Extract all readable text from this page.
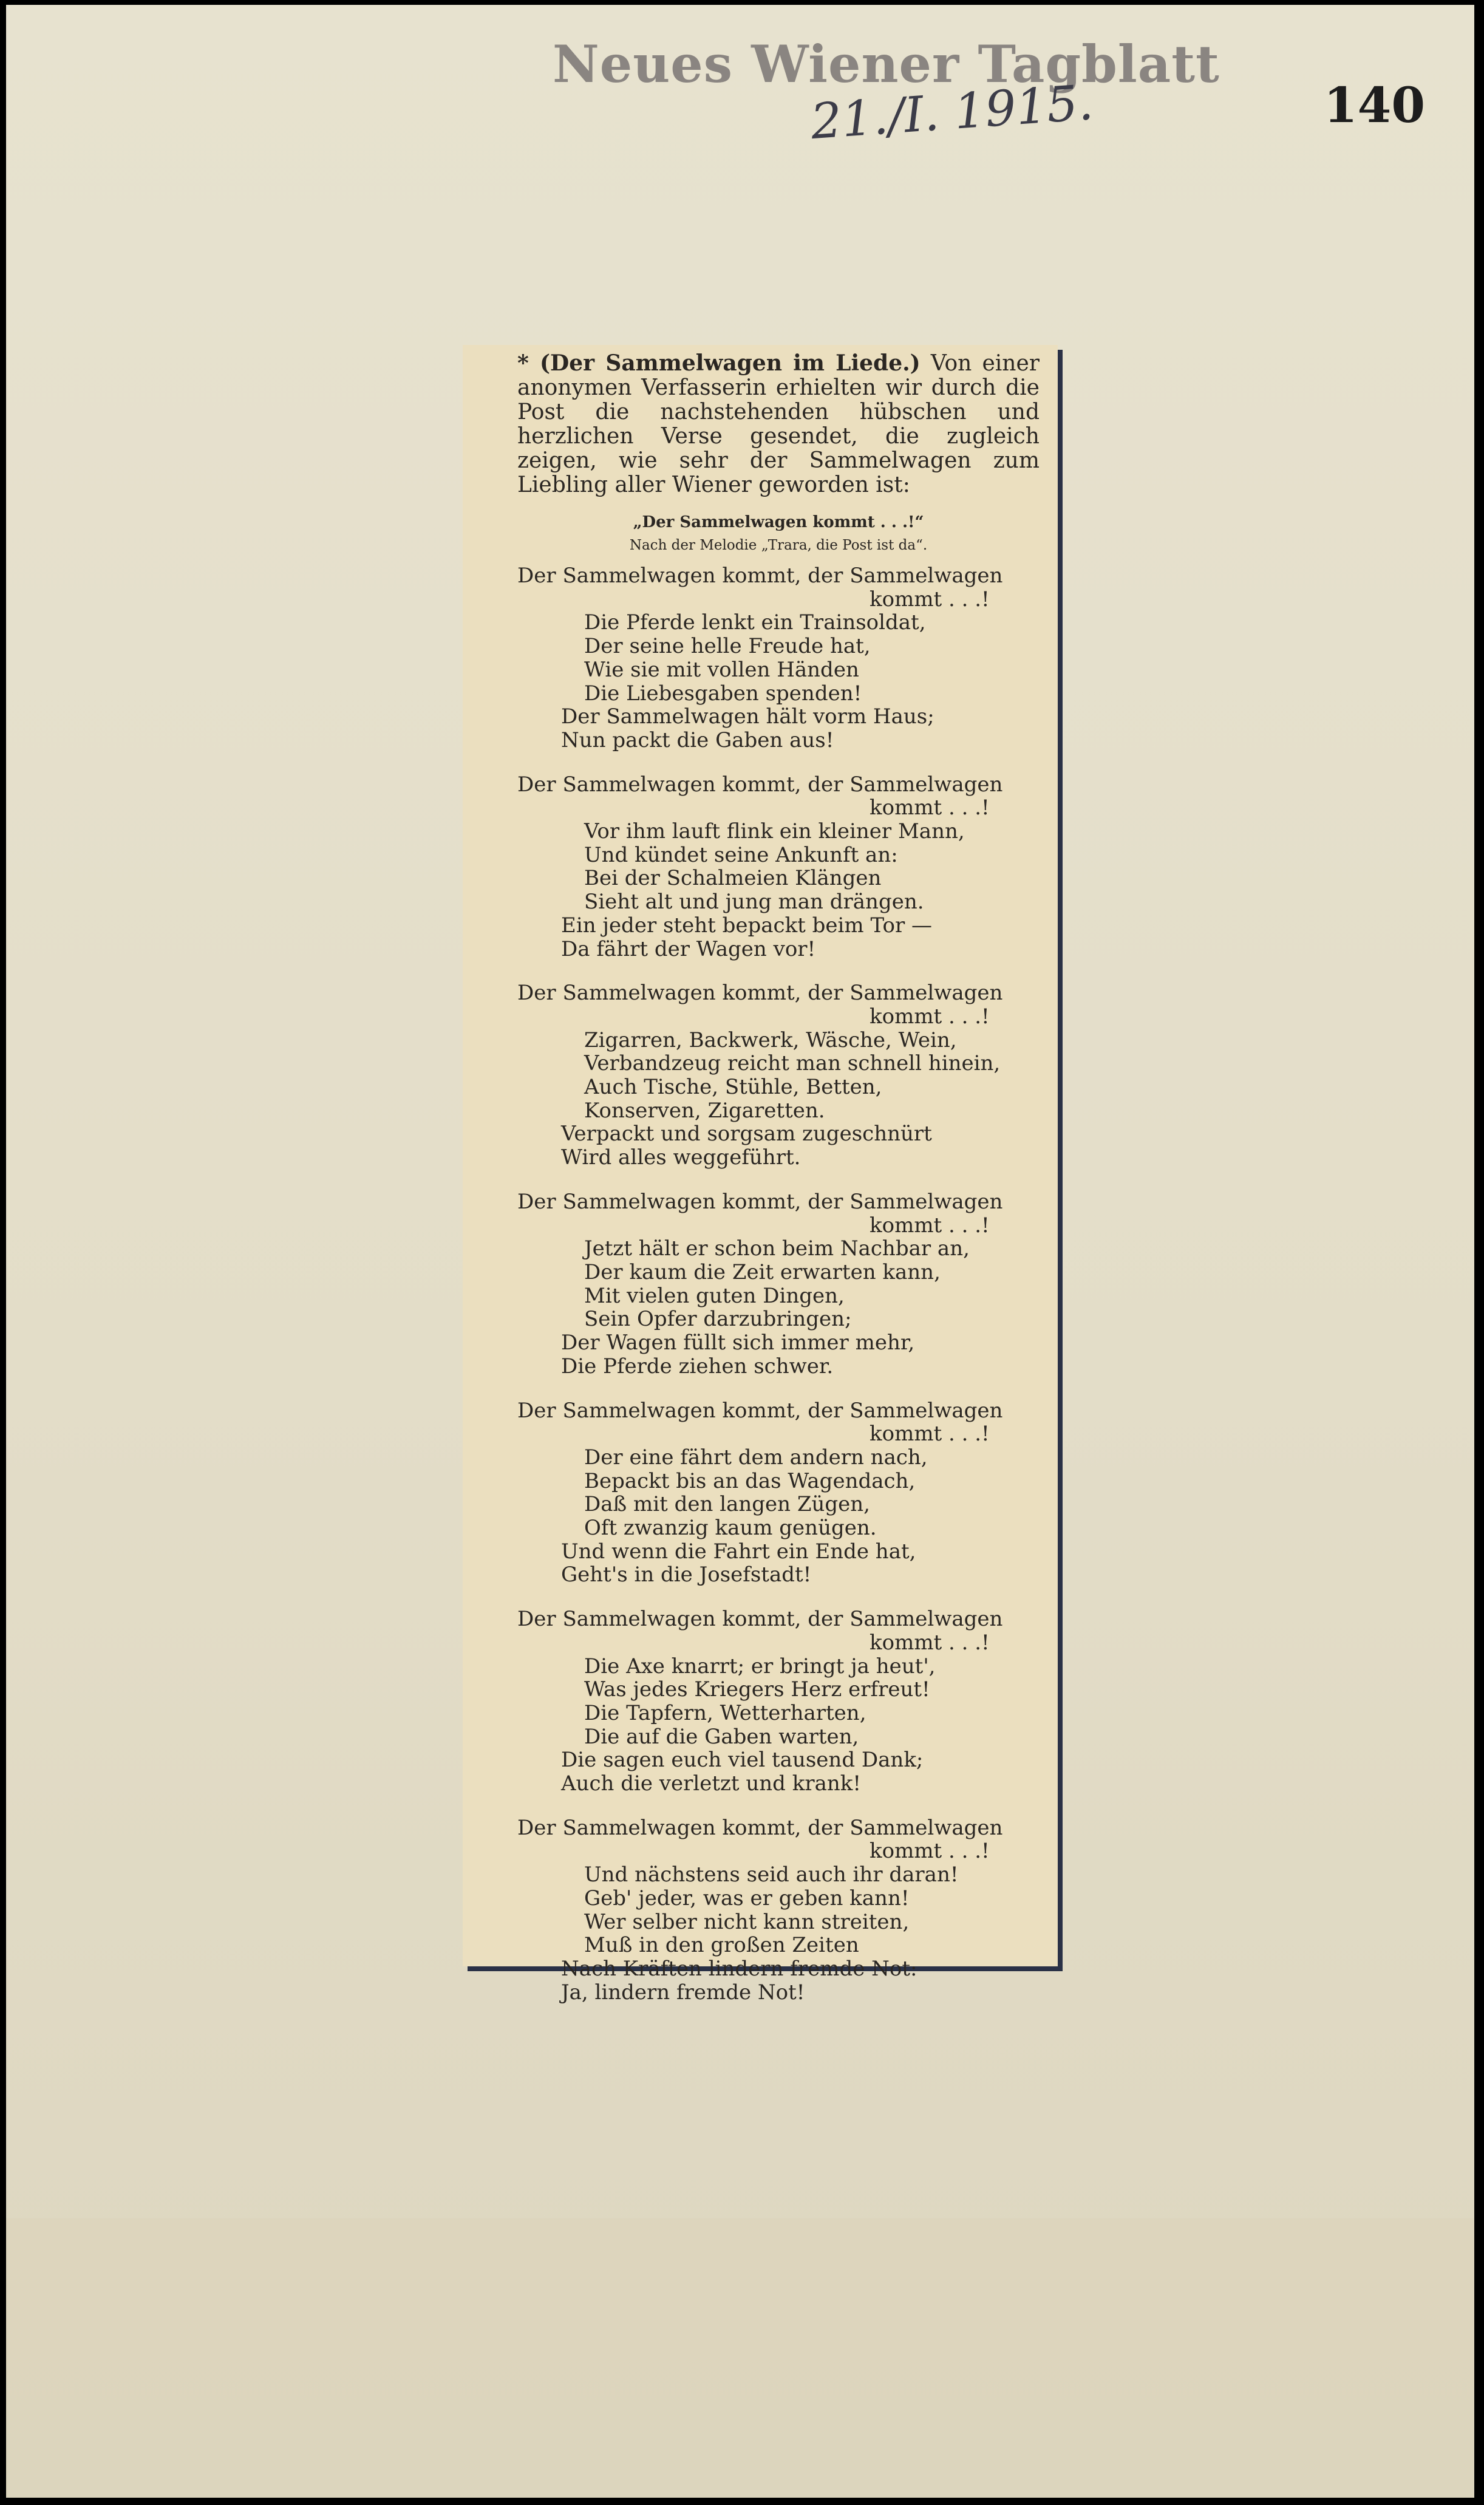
Neues Wiener Tagblatt
21./I. 1915.	140

* (Der Sammelwagen im Liede.) Von einer anonymen Verfasserin erhielten wir durch die Post die nachstehenden hübschen und herzlichen Verse gesendet, die zugleich zeigen, wie sehr der Sammelwagen zum Liebling aller Wiener geworden ist:

„Der Sammelwagen kommt . . .!“
Nach der Melodie „Trara, die Post ist da“.
Der Sammelwagen kommt, der Sammelwagen
kommt . . .!
Die Pferde lenkt ein Trainsoldat,
Der seine helle Freude hat,
Wie sie mit vollen Händen
Die Liebesgaben spenden!
Der Sammelwagen hält vorm Haus;
Nun packt die Gaben aus!
Der Sammelwagen kommt, der Sammelwagen
kommt . . .!
Vor ihm lauft flink ein kleiner Mann,
Und kündet seine Ankunft an:
Bei der Schalmeien Klängen
Sieht alt und jung man drängen.
Ein jeder steht bepackt beim Tor —
Da fährt der Wagen vor!
Der Sammelwagen kommt, der Sammelwagen
kommt . . .!
Zigarren, Backwerk, Wäsche, Wein,
Verbandzeug reicht man schnell hinein,
Auch Tische, Stühle, Betten,
Konserven, Zigaretten.
Verpackt und sorgsam zugeschnürt
Wird alles weggeführt.
Der Sammelwagen kommt, der Sammelwagen
kommt . . .!
Jetzt hält er schon beim Nachbar an,
Der kaum die Zeit erwarten kann,
Mit vielen guten Dingen,
Sein Opfer darzubringen;
Der Wagen füllt sich immer mehr,
Die Pferde ziehen schwer.
Der Sammelwagen kommt, der Sammelwagen
kommt . . .!
Der eine fährt dem andern nach,
Bepackt bis an das Wagendach,
Daß mit den langen Zügen,
Oft zwanzig kaum genügen.
Und wenn die Fahrt ein Ende hat,
Geht's in die Josefstadt!
Der Sammelwagen kommt, der Sammelwagen
kommt . . .!
Die Axe knarrt; er bringt ja heut',
Was jedes Kriegers Herz erfreut!
Die Tapfern, Wetterharten,
Die auf die Gaben warten,
Die sagen euch viel tausend Dank;
Auch die verletzt und krank!
Der Sammelwagen kommt, der Sammelwagen
kommt . . .!
Und nächstens seid auch ihr daran!
Geb' jeder, was er geben kann!
Wer selber nicht kann streiten,
Muß in den großen Zeiten
Nach Kräften lindern fremde Not:
Ja, lindern fremde Not!
